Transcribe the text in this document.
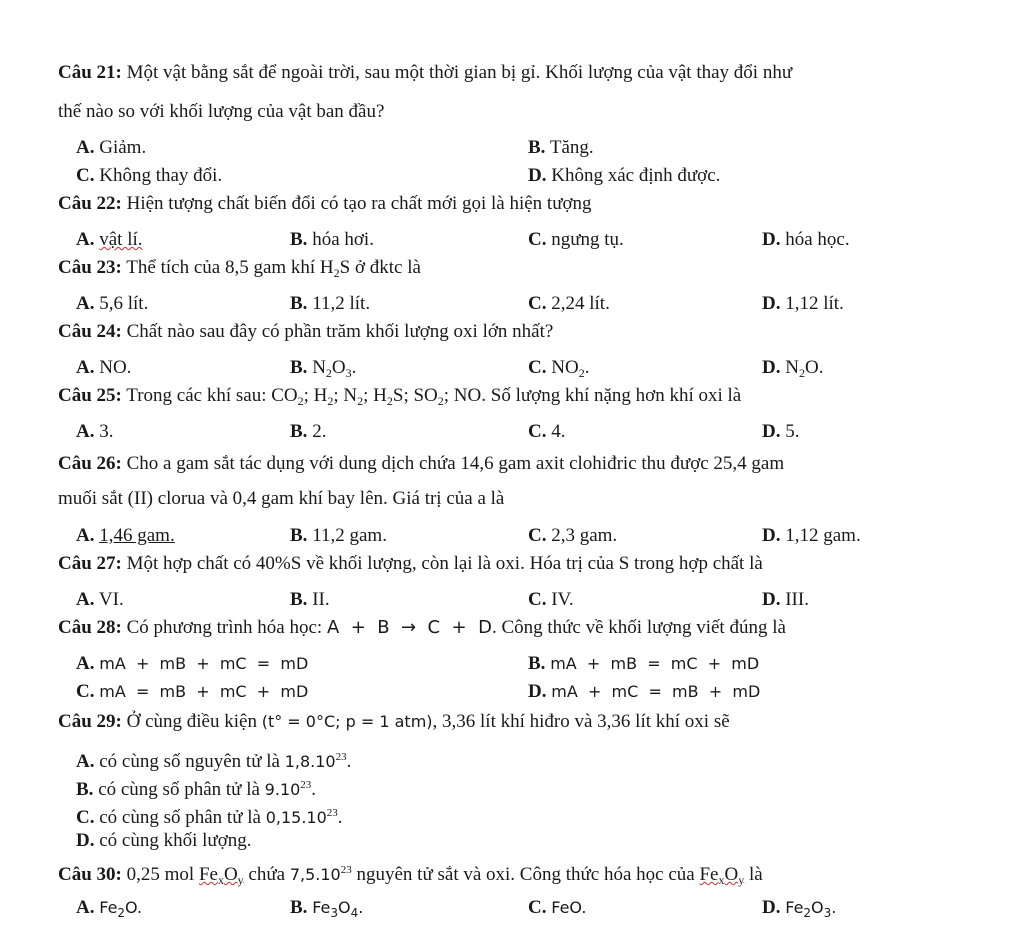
Câu 21: Một vật bằng sắt để ngoài trời, sau một thời gian bị gỉ. Khối lượng của vật thay đổi như
thế nào so với khối lượng của vật ban đầu?
A. Giảm.	B. Tăng.
C. Không thay đổi.	D. Không xác định được.
Câu 22: Hiện tượng chất biến đổi có tạo ra chất mới gọi là hiện tượng
A. vật lí.	B. hóa hơi.	C. ngưng tụ.	D. hóa học.
Câu 23: Thể tích của 8,5 gam khí $H_2S$ ở đktc là
A. 5,6 lít.	B. 11,2 lít.	C. 2,24 lít.	D. 1,12 lít.
Câu 24: Chất nào sau đây có phần trăm khối lượng oxi lớn nhất?
A. NO.	B. $N_2O_3$.	C. $NO_2$.	D. $N_2O$.
Câu 25: Trong các khí sau: $CO_2$; $H_2$; $N_2$; $H_2S$; $SO_2$; NO. Số lượng khí nặng hơn khí oxi là
A. 3.	B. 2.	C. 4.	D. 5.
Câu 26: Cho a gam sắt tác dụng với dung dịch chứa 14,6 gam axit clohiđric thu được 25,4 gam
muối sắt (II) clorua và 0,4 gam khí bay lên. Giá trị của a là
A. 1,46 gam.	B. 11,2 gam.	C. 2,3 gam.	D. 1,12 gam.
Câu 27: Một hợp chất có 40%S về khối lượng, còn lại là oxi. Hóa trị của S trong hợp chất là
A. VI.	B. II.	C. IV.	D. III.
Câu 28: Có phương trình hóa học: A  +  B  →  C  +  D. Công thức về khối lượng viết đúng là
A. mA  +  mB  +  mC  =  mD	B. mA  +  mB  =  mC  +  mD
C. mA  =  mB  +  mC  +  mD	D. mA  +  mC  =  mB  +  mD
Câu 29: Ở cùng điều kiện (t° = 0°C; p = 1 atm), 3,36 lít khí hiđro và 3,36 lít khí oxi sẽ
A. có cùng số nguyên tử là 1,8.10$^{23}$.
B. có cùng số phân tử là 9.10$^{23}$.
C. có cùng số phân tử là 0,15.10$^{23}$.
D. có cùng khối lượng.
Câu 30: 0,25 mol $Fe_xO_y$ chứa 7,5.10$^{23}$ nguyên tử sắt và oxi. Công thức hóa học của $Fe_xO_y$ là
A. $Fe_2O$.	B. $Fe_3O_4$.	C. FeO.	D. $Fe_2O_3$.
